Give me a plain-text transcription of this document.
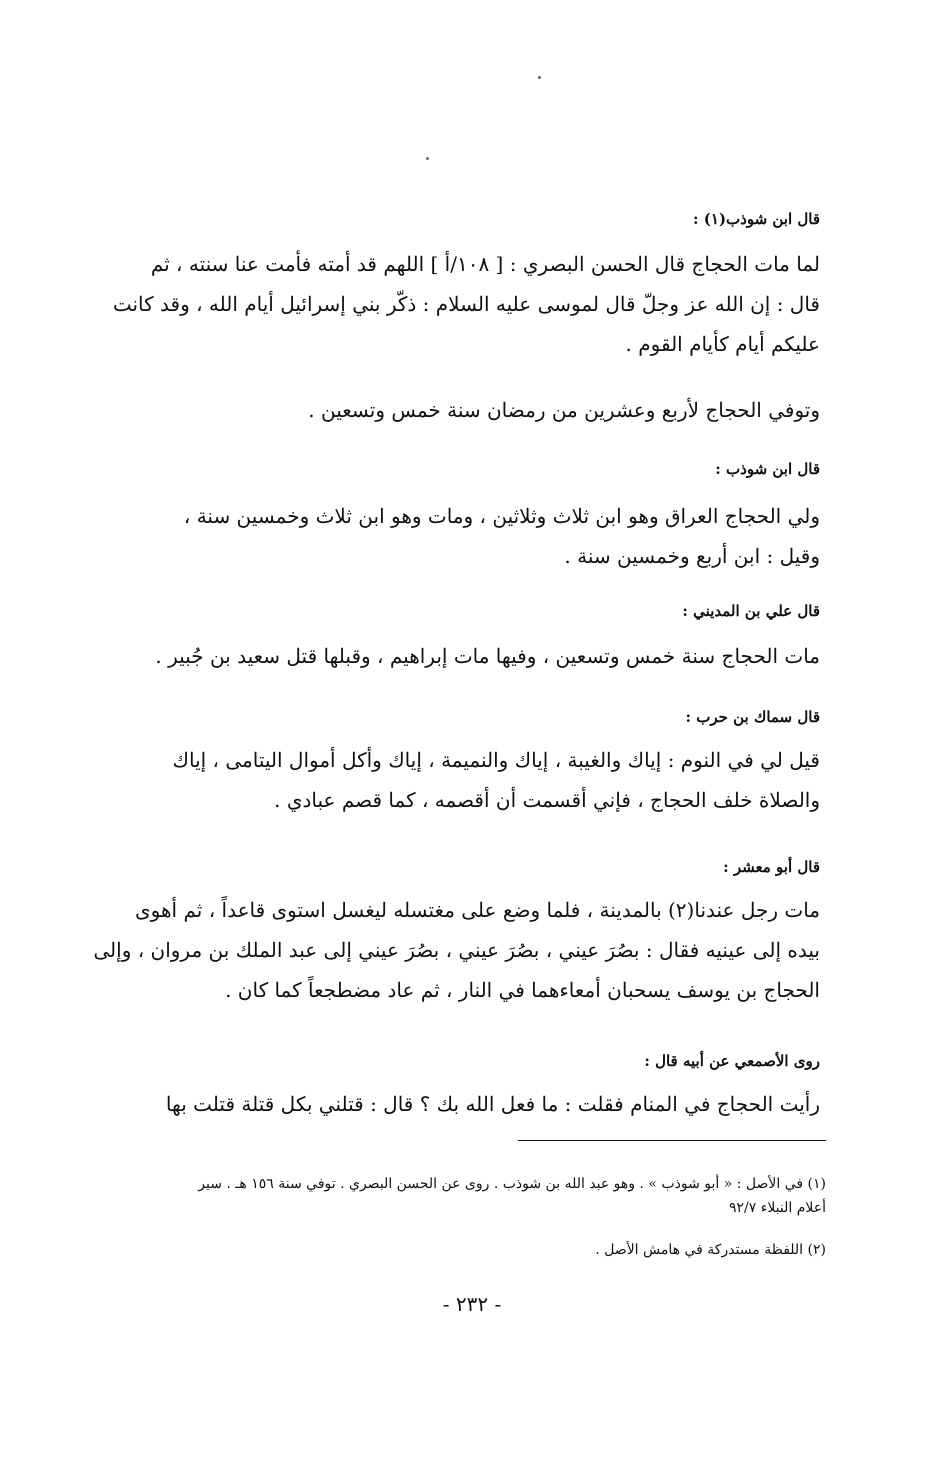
قال ابن شوذب(١) :
لما مات الحجاج قال الحسن البصري : [ ١٠٨/أ ] اللهم قد أمته فأمت عنا سنته ، ثم
قال : إن الله عز وجلّ قال لموسى عليه السلام : ذكّر بني إسرائيل أيام الله ، وقد كانت
عليكم أيام كأيام القوم .
وتوفي الحجاج لأربع وعشرين من رمضان سنة خمس وتسعين .
قال ابن شوذب :
ولي الحجاج العراق وهو ابن ثلاث وثلاثين ، ومات وهو ابن ثلاث وخمسين سنة ،
وقيل : ابن أربع وخمسين سنة .
قال علي بن المديني :
مات الحجاج سنة خمس وتسعين ، وفيها مات إبراهيم ، وقبلها قتل سعيد بن جُبير .
قال سماك بن حرب :
قيل لي في النوم : إياك والغيبة ، إياك والنميمة ، إياك وأكل أموال اليتامى ، إياك
والصلاة خلف الحجاج ، فإني أقسمت أن أقصمه ، كما قصم عبادي .
قال أبو معشر :
مات رجل عندنا(٢) بالمدينة ، فلما وضع على مغتسله ليغسل استوى قاعداً ، ثم أهوى
بيده إلى عينيه فقال : بصُرَ عيني ، بصُرَ عيني ، بصُرَ عيني إلى عبد الملك بن مروان ، وإلى
الحجاج بن يوسف يسحبان أمعاءهما في النار ، ثم عاد مضطجعاً كما كان .
روى الأصمعي عن أبيه قال :
رأيت الحجاج في المنام فقلت : ما فعل الله بك ؟ قال : قتلني بكل قتلة قتلت بها
(١) في الأصل : « أبو شوذب » . وهو عبد الله بن شوذب . روى عن الحسن البصري . توفي سنة ١٥٦ هـ . سير
أعلام النبلاء ٩٢/٧
(٢) اللفظة مستدركة في هامش الأصل .
- ٢٣٢ -
